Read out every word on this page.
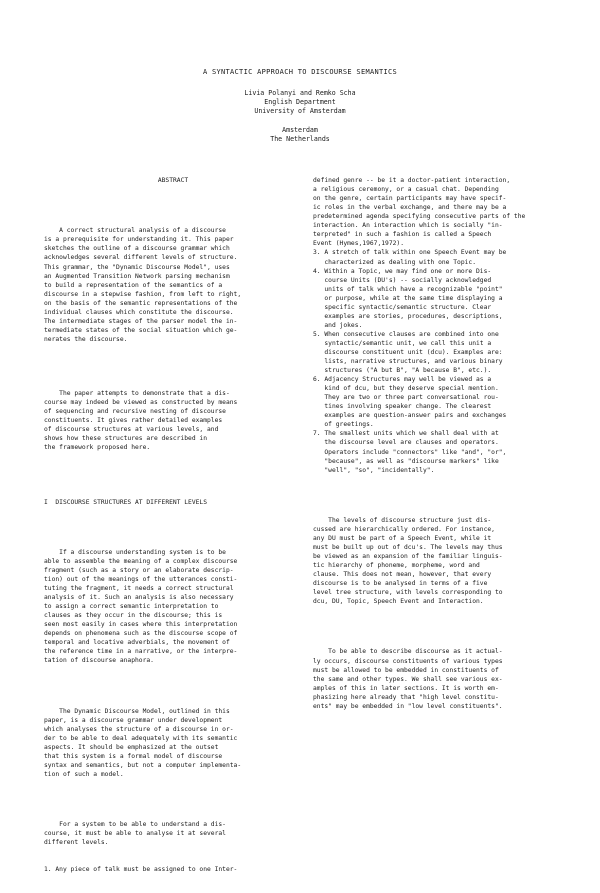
A SYNTACTIC APPROACH TO DISCOURSE SEMANTICS
Livia Polanyi and Remko Scha
English Department
University of Amsterdam
Amsterdam
The Netherlands

ABSTRACT

A correct structural analysis of a discourse
is a prerequisite for understanding it. This paper
sketches the outline of a discourse grammar which
acknowledges several different levels of structure.
This grammar, the "Dynamic Discourse Model", uses
an Augmented Transition Network parsing mechanism
to build a representation of the semantics of a
discourse in a stepwise fashion, from left to right,
on the basis of the semantic representations of the
individual clauses which constitute the discourse.
The intermediate stages of the parser model the in-
termediate states of the social situation which ge-
nerates the discourse.

The paper attempts to demonstrate that a dis-
course may indeed be viewed as constructed by means
of sequencing and recursive nesting of discourse
constituents. It gives rather detailed examples
of discourse structures at various levels, and
shows how these structures are described in
the framework proposed here.

I  DISCOURSE STRUCTURES AT DIFFERENT LEVELS

If a discourse understanding system is to be
able to assemble the meaning of a complex discourse
fragment (such as a story or an elaborate descrip-
tion) out of the meanings of the utterances consti-
tuting the fragment, it needs a correct structural
analysis of it. Such an analysis is also necessary
to assign a correct semantic interpretation to
clauses as they occur in the discourse; this is
seen most easily in cases where this interpretation
depends on phenomena such as the discourse scope of
temporal and locative adverbials, the movement of
the reference time in a narrative, or the interpre-
tation of discourse anaphora.

The Dynamic Discourse Model, outlined in this
paper, is a discourse grammar under development
which analyses the structure of a discourse in or-
der to be able to deal adequately with its semantic
aspects. It should be emphasized at the outset
that this system is a formal model of discourse
syntax and semantics, but not a computer implementa-
tion of such a model.

For a system to be able to understand a dis-
course, it must be able to analyse it at several
different levels.

1. Any piece of talk must be assigned to one Inter-

defined genre -- be it a doctor-patient interaction,
a religious ceremony, or a casual chat. Depending
on the genre, certain participants may have specif-
ic roles in the verbal exchange, and there may be a
predetermined agenda specifying consecutive parts of the
interaction. An interaction which is socially "in-
terpreted" in such a fashion is called a Speech
Event (Hymes,1967,1972).
3. A stretch of talk within one Speech Event may be
characterized as dealing with one Topic.
4. Within a Topic, we may find one or more Dis-
course Units (DU's) -- socially acknowledged
units of talk which have a recognizable "point"
or purpose, while at the same time displaying a
specific syntactic/semantic structure. Clear
examples are stories, procedures, descriptions,
and jokes.
5. When consecutive clauses are combined into one
syntactic/semantic unit, we call this unit a
discourse constituent unit (dcu). Examples are:
lists, narrative structures, and various binary
structures ("A but B", "A because B", etc.).
6. Adjacency Structures may well be viewed as a
kind of dcu, but they deserve special mention.
They are two or three part conversational rou-
tines involving speaker change. The clearest
examples are question-answer pairs and exchanges
of greetings.
7. The smallest units which we shall deal with at
the discourse level are clauses and operators.
Operators include "connectors" like "and", "or",
"because", as well as "discourse markers" like
"well", "so", "incidentally".

The levels of discourse structure just dis-
cussed are hierarchically ordered. For instance,
any DU must be part of a Speech Event, while it
must be built up out of dcu's. The levels may thus
be viewed as an expansion of the familiar linguis-
tic hierarchy of phoneme, morpheme, word and
clause. This does not mean, however, that every
discourse is to be analysed in terms of a five
level tree structure, with levels corresponding to
dcu, DU, Topic, Speech Event and Interaction.

To be able to describe discourse as it actual-
ly occurs, discourse constituents of various types
must be allowed to be embedded in constituents of
the same and other types. We shall see various ex-
amples of this in later sections. It is worth em-
phasizing here already that "high level constitu-
ents" may be embedded in "low level constituents".
